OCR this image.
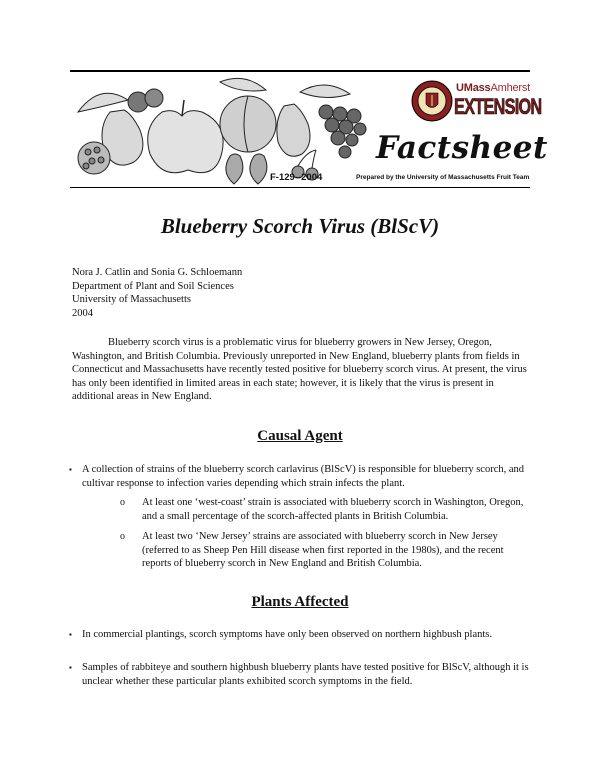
UMassAmherst
EXTENSION
Factsheet
F-129--2004	Prepared by the University of Massachusetts Fruit Team
Blueberry Scorch Virus (BlScV)
Nora J. Catlin and Sonia G. Schloemann
Department of Plant and Soil Sciences
University of Massachusetts
2004
Blueberry scorch virus is a problematic virus for blueberry growers in New Jersey, Oregon, Washington, and British Columbia. Previously unreported in New England, blueberry plants from fields in Connecticut and Massachusetts have recently tested positive for blueberry scorch virus. At present, the virus has only been identified in limited areas in each state; however, it is likely that the virus is present in additional areas in New England.
Causal Agent
▪ A collection of strains of the blueberry scorch carlavirus (BlScV) is responsible for blueberry scorch, and cultivar response to infection varies depending which strain infects the plant.
o At least one ‘west-coast’ strain is associated with blueberry scorch in Washington, Oregon, and a small percentage of the scorch-affected plants in British Columbia.
o At least two ‘New Jersey’ strains are associated with blueberry scorch in New Jersey (referred to as Sheep Pen Hill disease when first reported in the 1980s), and the recent reports of blueberry scorch in New England and British Columbia.
Plants Affected
▪ In commercial plantings, scorch symptoms have only been observed on northern highbush plants.
▪ Samples of rabbiteye and southern highbush blueberry plants have tested positive for BlScV, although it is unclear whether these particular plants exhibited scorch symptoms in the field.
